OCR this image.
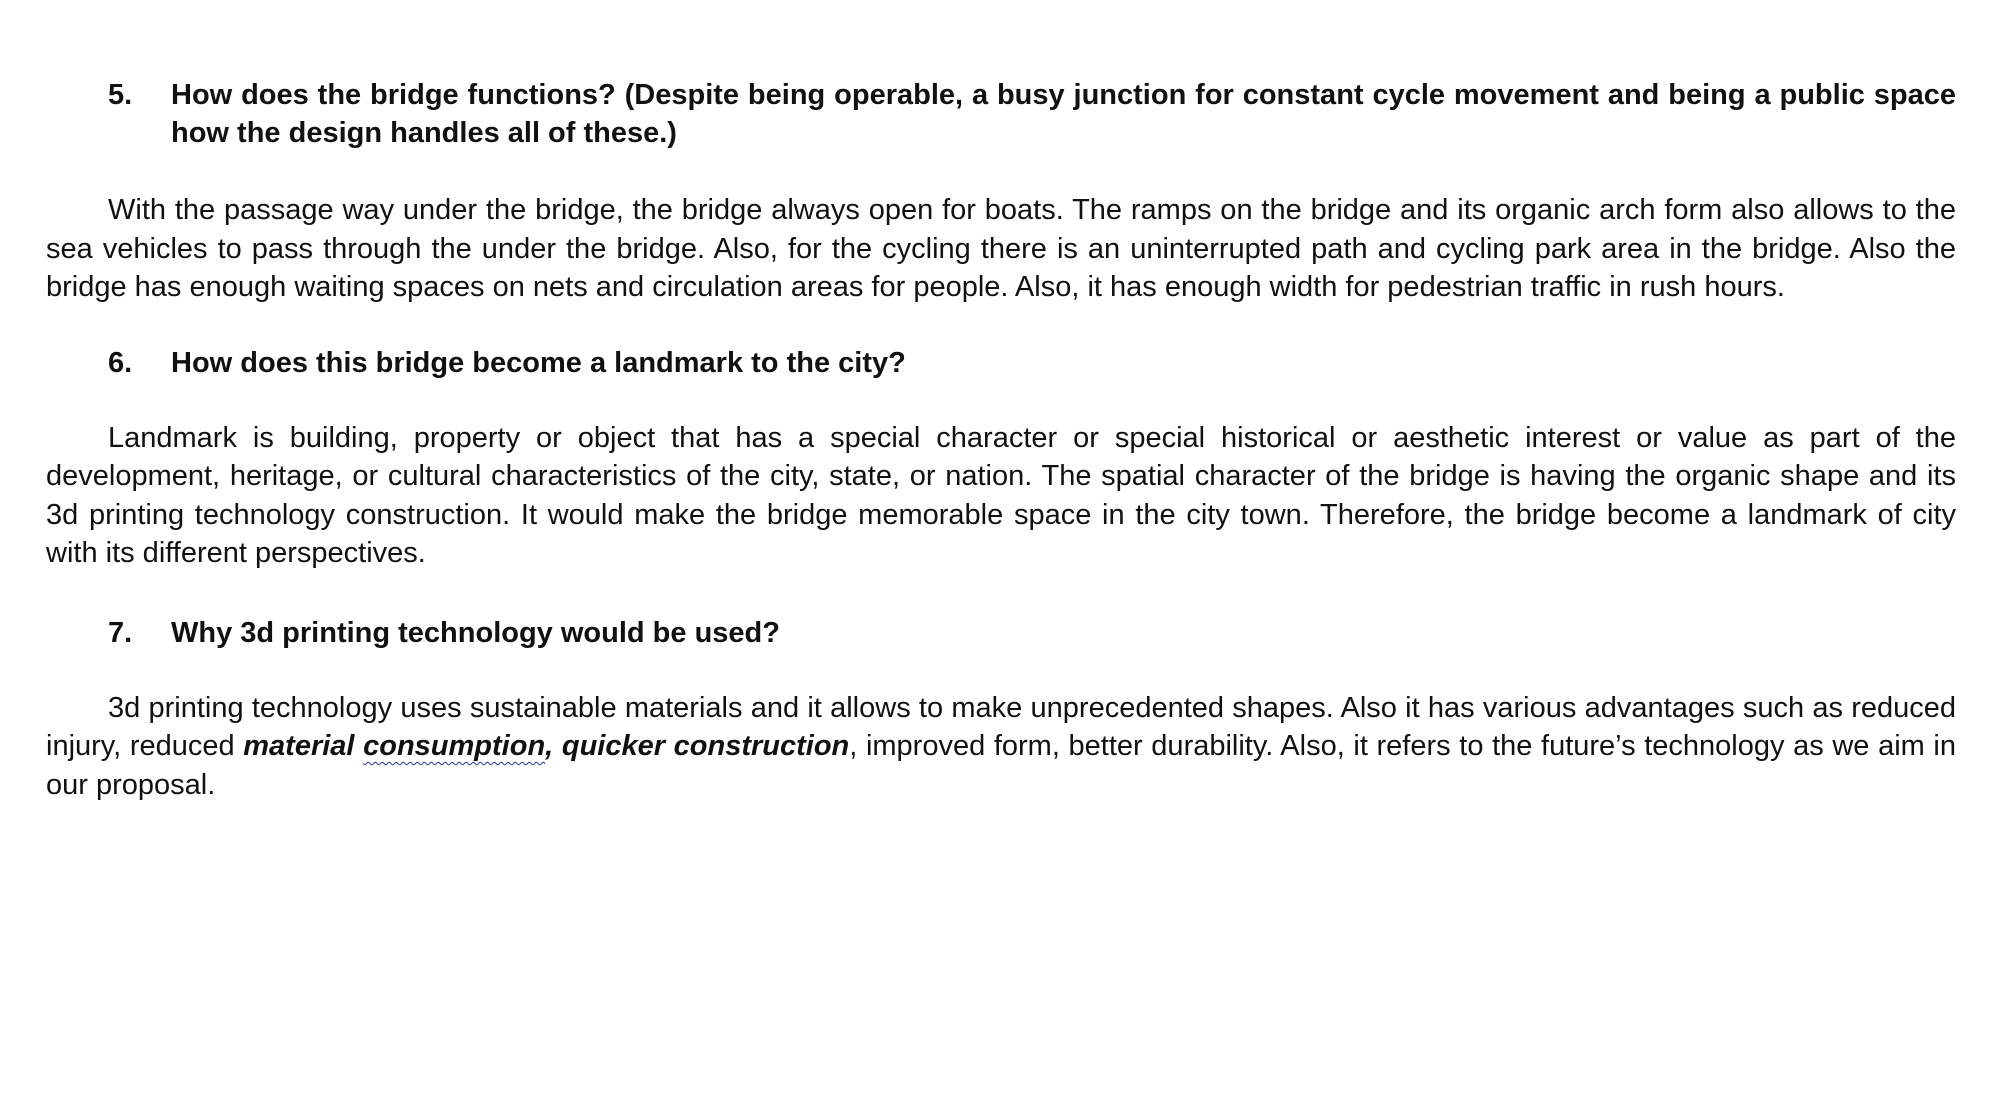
5.	How does the bridge functions? (Despite being operable, a busy junction for constant cycle movement and being a public space how the design handles all of these.)

With the passage way under the bridge, the bridge always open for boats. The ramps on the bridge and its organic arch form also allows to the sea vehicles to pass through the under the bridge. Also, for the cycling there is an uninterrupted path and cycling park area in the bridge. Also the bridge has enough waiting spaces on nets and circulation areas for people. Also, it has enough width for pedestrian traffic in rush hours.

6.	How does this bridge become a landmark to the city?

Landmark is building, property or object that has a special character or special historical or aesthetic interest or value as part of the development, heritage, or cultural characteristics of the city, state, or nation. The spatial character of the bridge is having the organic shape and its 3d printing technology construction. It would make the bridge memorable space in the city town. Therefore, the bridge become a landmark of city with its different perspectives.

7.	Why 3d printing technology would be used?

3d printing technology uses sustainable materials and it allows to make unprecedented shapes. Also it has various advantages such as reduced injury, reduced material consumption, quicker construction, improved form, better durability. Also, it refers to the future’s technology as we aim in our proposal.
